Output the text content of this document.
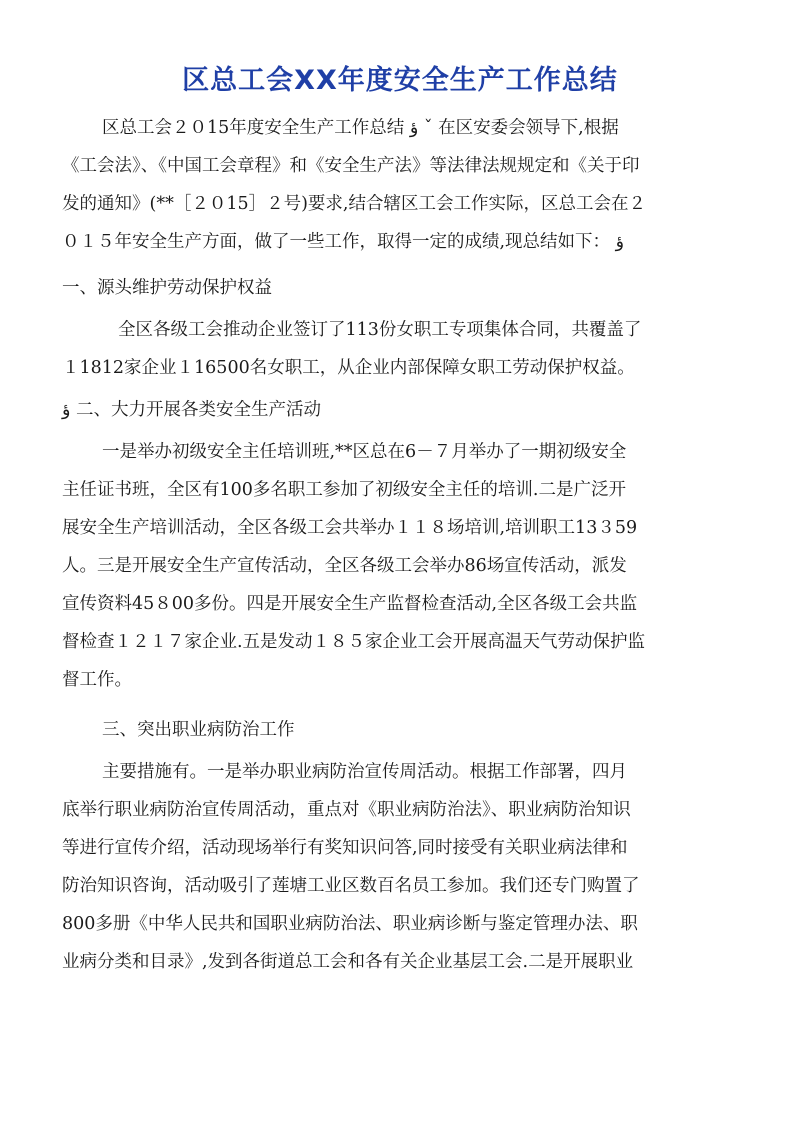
区总工会XX年度安全生产工作总结

区总工会２０15年度安全生产工作总结 ؤ ˇ 在区安委会领导下,根据

《工会法》、《中国工会章程》和《安全生产法》等法律法规规定和《关于印

发的通知》(**［２０15］２号)要求,结合辖区工会工作实际，区总工会在２

０１５年安全生产方面，做了一些工作，取得一定的成绩,现总结如下： ؤ

一、源头维护劳动保护权益

全区各级工会推动企业签订了113份女职工专项集体合同，共覆盖了

１1812家企业１16500名女职工，从企业内部保障女职工劳动保护权益。

ؤ 二、大力开展各类安全生产活动

一是举办初级安全主任培训班,**区总在6－７月举办了一期初级安全

主任证书班，全区有100多名职工参加了初级安全主任的培训.二是广泛开

展安全生产培训活动，全区各级工会共举办１１８场培训,培训职工13３59

人。三是开展安全生产宣传活动，全区各级工会举办86场宣传活动，派发

宣传资料45８00多份。四是开展安全生产监督检查活动,全区各级工会共监

督检查１２１７家企业.五是发动１８５家企业工会开展高温天气劳动保护监

督工作。

三、突出职业病防治工作

主要措施有。一是举办职业病防治宣传周活动。根据工作部署，四月

底举行职业病防治宣传周活动，重点对《职业病防治法》、职业病防治知识

等进行宣传介绍，活动现场举行有奖知识问答,同时接受有关职业病法律和

防治知识咨询，活动吸引了莲塘工业区数百名员工参加。我们还专门购置了

800多册《中华人民共和国职业病防治法、职业病诊断与鉴定管理办法、职

业病分类和目录》,发到各街道总工会和各有关企业基层工会.二是开展职业
